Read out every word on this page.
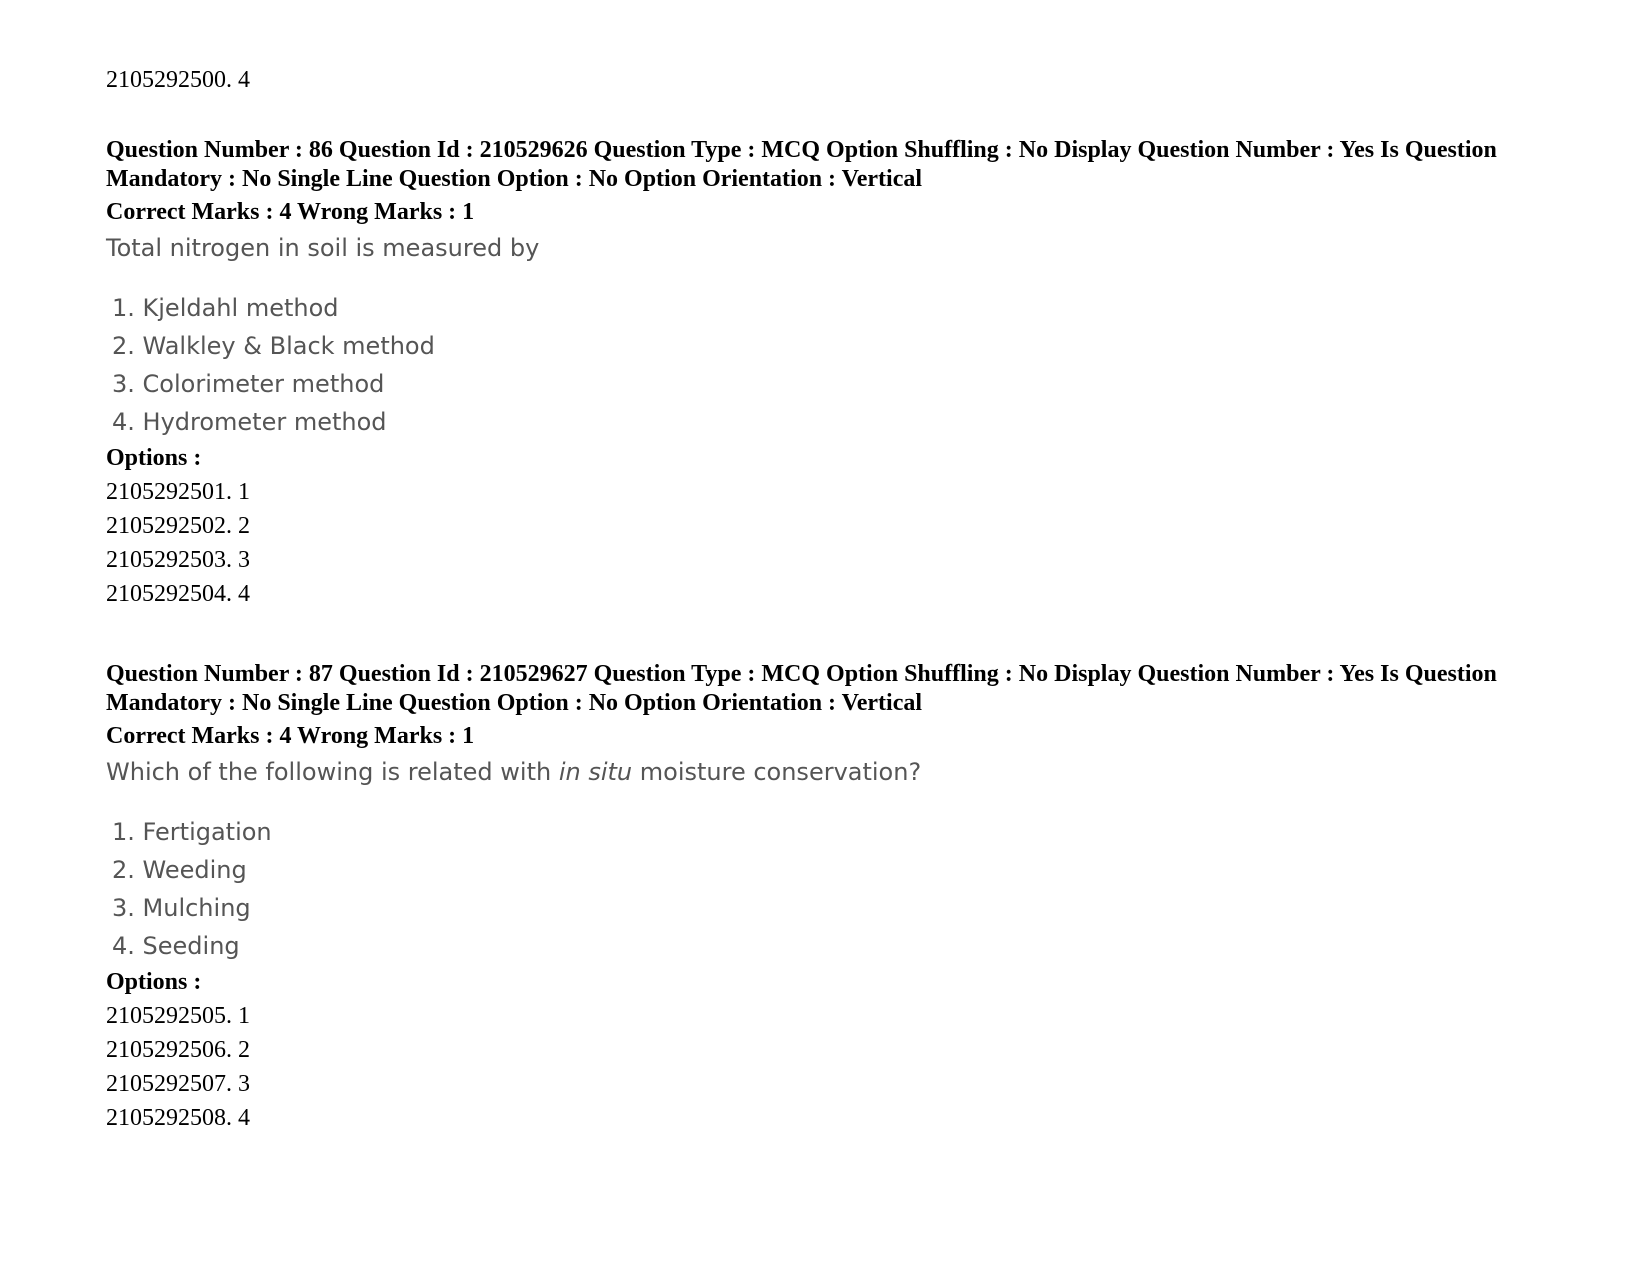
2105292500. 4
Question Number : 86 Question Id : 210529626 Question Type : MCQ Option Shuffling : No Display Question Number : Yes Is Question
Mandatory : No Single Line Question Option : No Option Orientation : Vertical
Correct Marks : 4 Wrong Marks : 1
Total nitrogen in soil is measured by
1. Kjeldahl method
2. Walkley & Black method
3. Colorimeter method
4. Hydrometer method
Options :
2105292501. 1
2105292502. 2
2105292503. 3
2105292504. 4
Question Number : 87 Question Id : 210529627 Question Type : MCQ Option Shuffling : No Display Question Number : Yes Is Question
Mandatory : No Single Line Question Option : No Option Orientation : Vertical
Correct Marks : 4 Wrong Marks : 1
Which of the following is related with in situ moisture conservation?
1. Fertigation
2. Weeding
3. Mulching
4. Seeding
Options :
2105292505. 1
2105292506. 2
2105292507. 3
2105292508. 4
